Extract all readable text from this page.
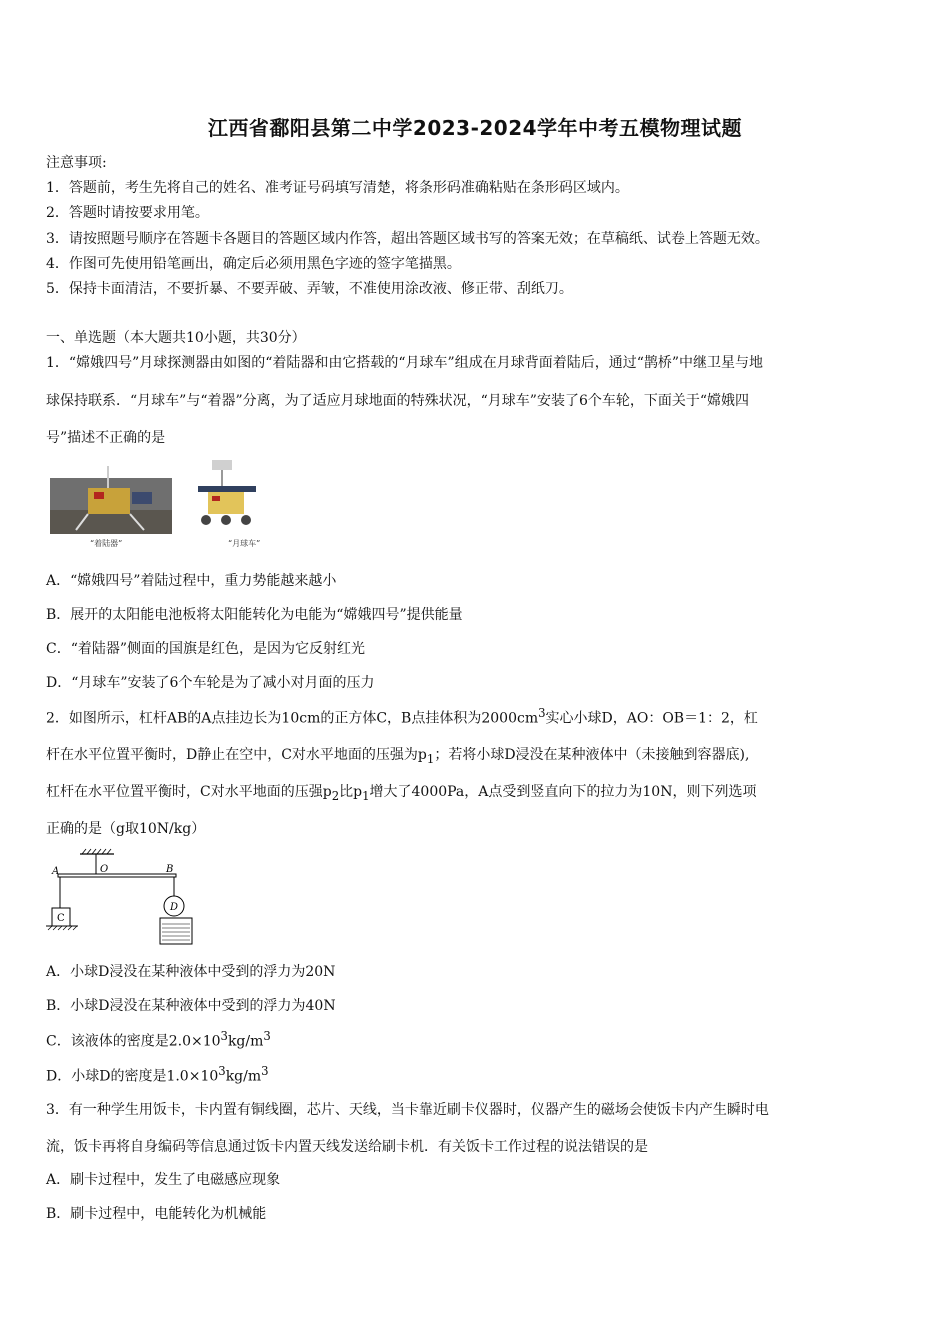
江西省鄱阳县第二中学2023-2024学年中考五模物理试题
注意事项:
1．答题前，考生先将自己的姓名、准考证号码填写清楚，将条形码准确粘贴在条形码区域内。
2．答题时请按要求用笔。
3．请按照题号顺序在答题卡各题目的答题区域内作答，超出答题区域书写的答案无效；在草稿纸、试卷上答题无效。
4．作图可先使用铅笔画出，确定后必须用黑色字迹的签字笔描黑。
5．保持卡面清洁，不要折暴、不要弄破、弄皱，不准使用涂改液、修正带、刮纸刀。
一、单选题（本大题共10小题，共30分）
1．“嫦娥四号”月球探测器由如图的“着陆器和由它搭载的“月球车”组成在月球背面着陆后，通过“鹊桥”中继卫星与地
球保持联系．“月球车”与“着器”分离，为了适应月球地面的特殊状况，“月球车”安装了6个车轮，下面关于“嫦娥四
号”描述不正确的是
“着陆器”	“月球车”
A．“嫦娥四号”着陆过程中，重力势能越来越小
B．展开的太阳能电池板将太阳能转化为电能为“嫦娥四号”提供能量
C．“着陆器”侧面的国旗是红色，是因为它反射红光
D．“月球车”安装了6个车轮是为了减小对月面的压力
2．如图所示，杠杆AB的A点挂边长为10cm的正方体C，B点挂体积为$2000cm^3$实心小球D，AO：OB＝1：2，杠
杆在水平位置平衡时，D静止在空中，C对水平地面的压强为$p_1$；若将小球D浸没在某种液体中（未接触到容器底),
杠杆在水平位置平衡时，C对水平地面的压强$p_2$比$p_1$增大了4000Pa，A点受到竖直向下的拉力为10N，则下列选项
正确的是（g取10N/kg）
A	O	B
C
D
A．小球D浸没在某种液体中受到的浮力为20N
B．小球D浸没在某种液体中受到的浮力为40N
C．该液体的密度是$2.0\times 10^3kg/m^3$
D．小球D的密度是$1.0\times 10^3kg/m^3$
3．有一种学生用饭卡，卡内置有铜线圈，芯片、天线，当卡靠近刷卡仪器时，仪器产生的磁场会使饭卡内产生瞬时电
流，饭卡再将自身编码等信息通过饭卡内置天线发送给刷卡机．有关饭卡工作过程的说法错误的是
A．刷卡过程中，发生了电磁感应现象
B．刷卡过程中，电能转化为机械能
